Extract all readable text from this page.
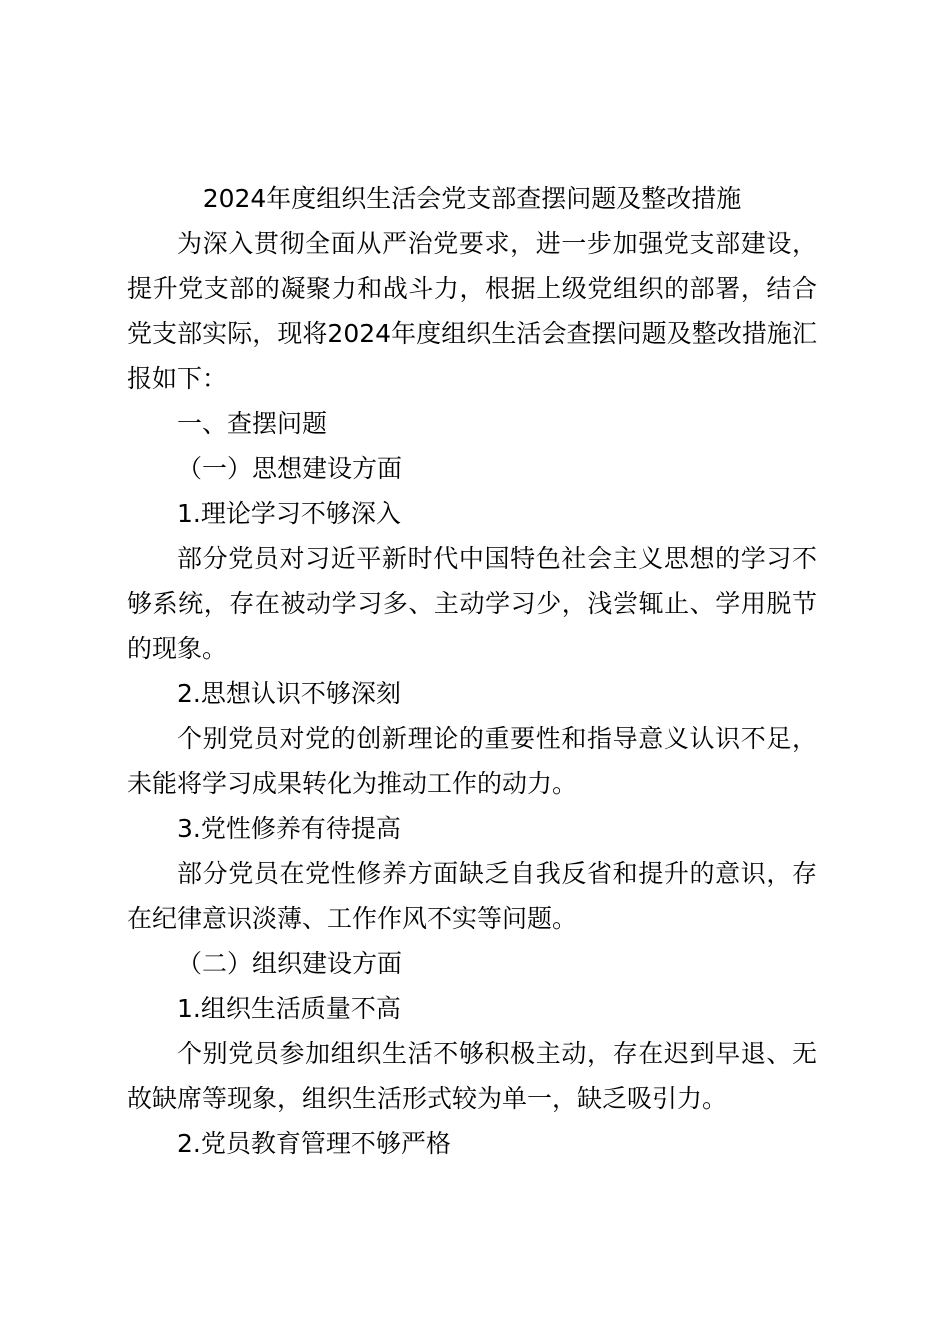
2024年度组织生活会党支部查摆问题及整改措施

为深入贯彻全面从严治党要求，进一步加强党支部建设，提升党支部的凝聚力和战斗力，根据上级党组织的部署，结合党支部实际，现将2024年度组织生活会查摆问题及整改措施汇报如下：

一、查摆问题
（一）思想建设方面
1.理论学习不够深入

部分党员对习近平新时代中国特色社会主义思想的学习不够系统，存在被动学习多、主动学习少，浅尝辄止、学用脱节的现象。

2.思想认识不够深刻

个别党员对党的创新理论的重要性和指导意义认识不足，未能将学习成果转化为推动工作的动力。

3.党性修养有待提高

部分党员在党性修养方面缺乏自我反省和提升的意识，存在纪律意识淡薄、工作作风不实等问题。

（二）组织建设方面
1.组织生活质量不高

个别党员参加组织生活不够积极主动，存在迟到早退、无故缺席等现象，组织生活形式较为单一，缺乏吸引力。

2.党员教育管理不够严格
